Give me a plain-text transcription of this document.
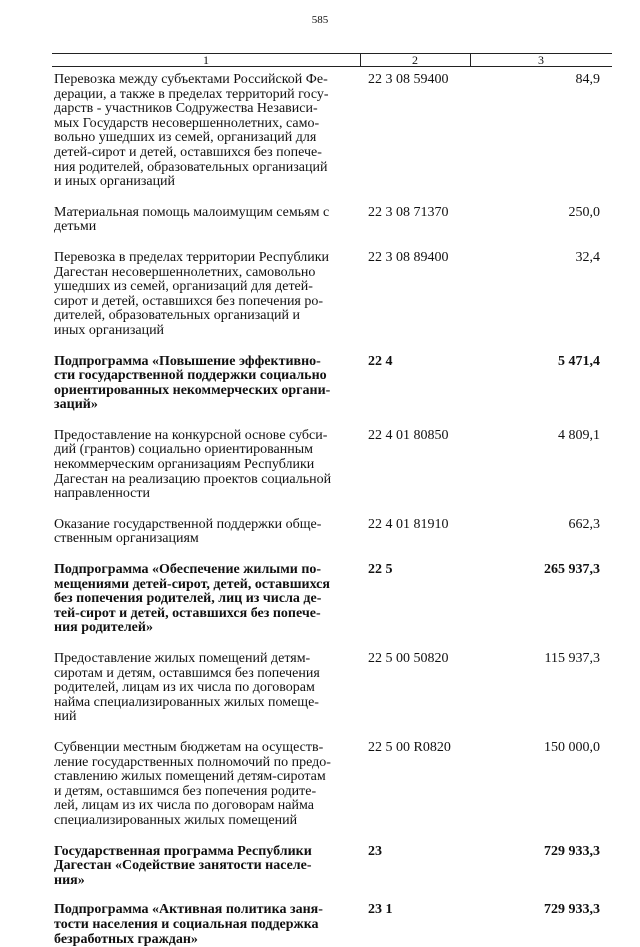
585
1	2	3
Перевозка между субъектами Российской Фе-
дерации, а также в пределах территорий госу-
дарств - участников Содружества Независи-
мых Государств несовершеннолетних, само-
вольно ушедших из семей, организаций для
детей-сирот и детей, оставшихся без попече-
ния родителей, образовательных организаций
и иных организаций
22 3 08 59400	84,9
Материальная помощь малоимущим семьям с
детьми
22 3 08 71370	250,0
Перевозка в пределах территории Республики
Дагестан несовершеннолетних, самовольно
ушедших из семей, организаций для детей-
сирот и детей, оставшихся без попечения ро-
дителей, образовательных организаций и
иных организаций
22 3 08 89400	32,4
Подпрограмма «Повышение эффективно-
сти государственной поддержки социально
ориентированных некоммерческих органи-
заций»
22 4	5 471,4
Предоставление на конкурсной основе субси-
дий (грантов) социально ориентированным
некоммерческим организациям Республики
Дагестан на реализацию проектов социальной
направленности
22 4 01 80850	4 809,1
Оказание государственной поддержки обще-
ственным организациям
22 4 01 81910	662,3
Подпрограмма «Обеспечение жилыми по-
мещениями детей-сирот, детей, оставшихся
без попечения родителей, лиц из числа де-
тей-сирот и детей, оставшихся без попече-
ния родителей»
22 5	265 937,3
Предоставление жилых помещений детям-
сиротам и детям, оставшимся без попечения
родителей, лицам из их числа по договорам
найма специализированных жилых помеще-
ний
22 5 00 50820	115 937,3
Субвенции местным бюджетам на осуществ-
ление государственных полномочий по предо-
ставлению жилых помещений детям-сиротам
и детям, оставшимся без попечения родите-
лей, лицам из их числа по договорам найма
специализированных жилых помещений
22 5 00 R0820	150 000,0
Государственная программа Республики
Дагестан «Содействие занятости населе-
ния»
23	729 933,3
Подпрограмма «Активная политика заня-
тости населения и социальная поддержка
безработных граждан»
23 1	729 933,3
